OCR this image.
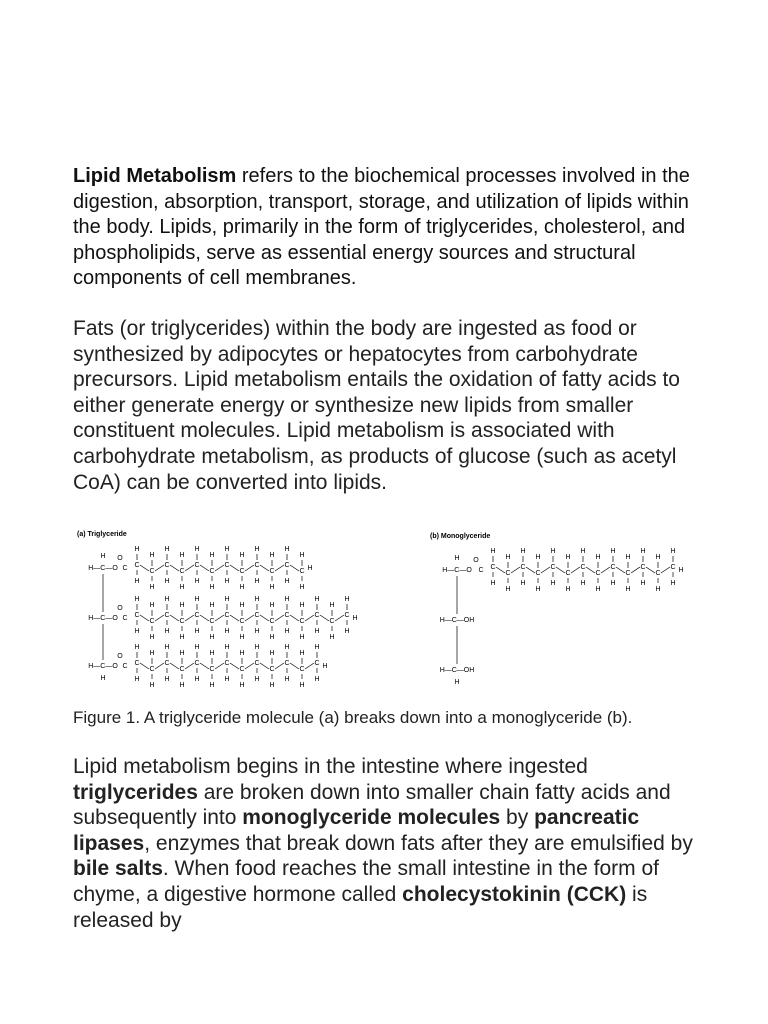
Lipid Metabolism refers to the biochemical processes involved in the digestion, absorption, transport, storage, and utilization of lipids within the body. Lipids, primarily in the form of triglycerides, cholesterol, and phospholipids, serve as essential energy sources and structural components of cell membranes.
Fats (or triglycerides) within the body are ingested as food or synthesized by adipocytes or hepatocytes from carbohydrate precursors. Lipid metabolism entails the oxidation of fatty acids to either generate energy or synthesize new lipids from smaller constituent molecules. Lipid metabolism is associated with carbohydrate metabolism, as products of glucose (such as acetyl CoA) can be converted into lipids.
(a) Triglyceride	(b) Monoglyceride
H—C—O
H—C—O
H—C—O
H
H
O
C C
H
H
C
H
H
C
H
H
C
H
H
C
H
H
C
H
H
C
H
H
C
H
H
C
H
H
C
H
H
C
H
H
C
H
H
H
O
C C
H
H
C
H
H
C
H
H
C
H
H
C
H
H
C
H
H
C
H
H
C
H
H
C
H
H
C
H
H
C
H
H
C
H
H
C
H
H
C
H
H
C
H
H
H
O
C C
H
H
C
H
H
C
H
H
C
H
H
C
H
H
C
H
H
C
H
H
C
H
H
C
H
H
C
H
H
C
H
H
C
H
H
C
H
H
H
H—C—O
H—C—OH
H—C—OH
H
H
O
C C
H
H
C
H
H
C
H
H
C
H
H
C
H
H
C
H
H
C
H
H
C
H
H
C
H
H
C
H
H
C
H
H
C
H
H
C
H
H
H
Figure 1. A triglyceride molecule (a) breaks down into a monoglyceride (b).
Lipid metabolism begins in the intestine where ingested triglycerides are broken down into smaller chain fatty acids and subsequently into monoglyceride molecules by pancreatic lipases, enzymes that break down fats after they are emulsified by bile salts. When food reaches the small intestine in the form of chyme, a digestive hormone called cholecystokinin (CCK) is released by
